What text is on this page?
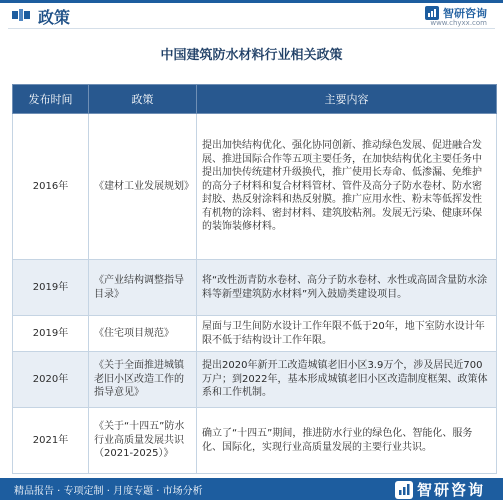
政策	智研咨询
www.chyxx.com
中国建筑防水材料行业相关政策
发布时间	政策	主要内容
2016年	《建材工业发展规划》	提出加快结构优化、强化协同创新、推动绿色发展、促进融合发展、推进国际合作等五项主要任务，在加快结构优化主要任务中提出加快传统建材升级换代，推广使用长寿命、低渗漏、免维护的高分子材料和复合材料管材、管件及高分子防水卷材、防水密封胶、热反射涂料和热反射膜。推广应用水性、粉末等低挥发性有机物的涂料、密封材料、建筑胶粘剂。发展无污染、健康环保的装饰装修材料。
2019年	《产业结构调整指导目录》	将“改性沥青防水卷材、高分子防水卷材、水性或高固含量防水涂料等新型建筑防水材料”列入鼓励类建设项目。
2019年	《住宅项目规范》	屋面与卫生间防水设计工作年限不低于20年，地下室防水设计年限不低于结构设计工作年限。
2020年	《关于全面推进城镇老旧小区改造工作的指导意见》	提出2020年新开工改造城镇老旧小区3.9万个，涉及居民近700万户；到2022年，基本形成城镇老旧小区改造制度框架、政策体系和工作机制。
2021年	《关于“十四五”防水行业高质量发展共识（2021-2025）》	确立了“十四五”期间，推进防水行业的绿色化、智能化、服务化、国际化，实现行业高质量发展的主要行业共识。
精品报告 · 专项定制 · 月度专题 · 市场分析	智研咨询
